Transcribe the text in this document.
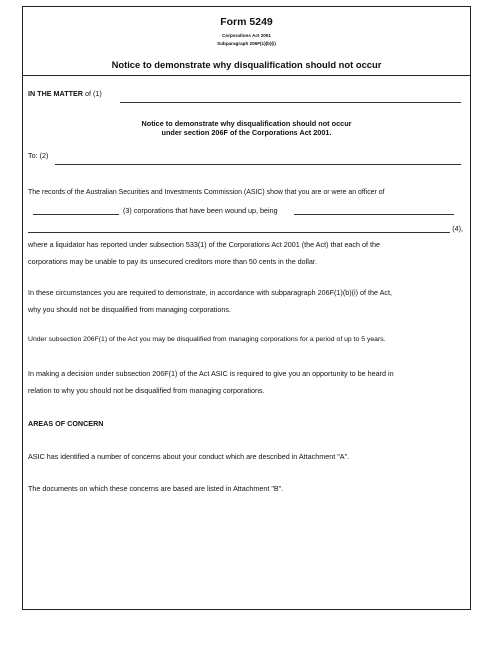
Form 5249
Corporations Act 2001
Subparagraph 206F(1)(b)(i)
Notice to demonstrate why disqualification should not occur
IN THE MATTER of (1)
Notice to demonstrate why disqualification should not occur
under section 206F of the Corporations Act 2001.
To: (2)
The records of the Australian Securities and Investments Commission (ASIC) show that you are or were an officer of
(3) corporations that have been wound up, being
(4),
where a liquidator has reported under subsection 533(1) of the Corporations Act 2001 (the Act) that each of the
corporations may be unable to pay its unsecured creditors more than 50 cents in the dollar.
In these circumstances you are required to demonstrate, in accordance with subparagraph 206F(1)(b)(i) of the Act,
why you should not be disqualified from managing corporations.
Under subsection 206F(1) of the Act you may be disqualified from managing corporations for a period of up to 5 years.
In making a decision under subsection 206F(1) of the Act ASIC is required to give you an opportunity to be heard in
relation to why you should not be disqualified from managing corporations.
AREAS OF CONCERN
ASIC has identified a number of concerns about your conduct which are described in Attachment "A".
The documents on which these concerns are based are listed in Attachment "B".
